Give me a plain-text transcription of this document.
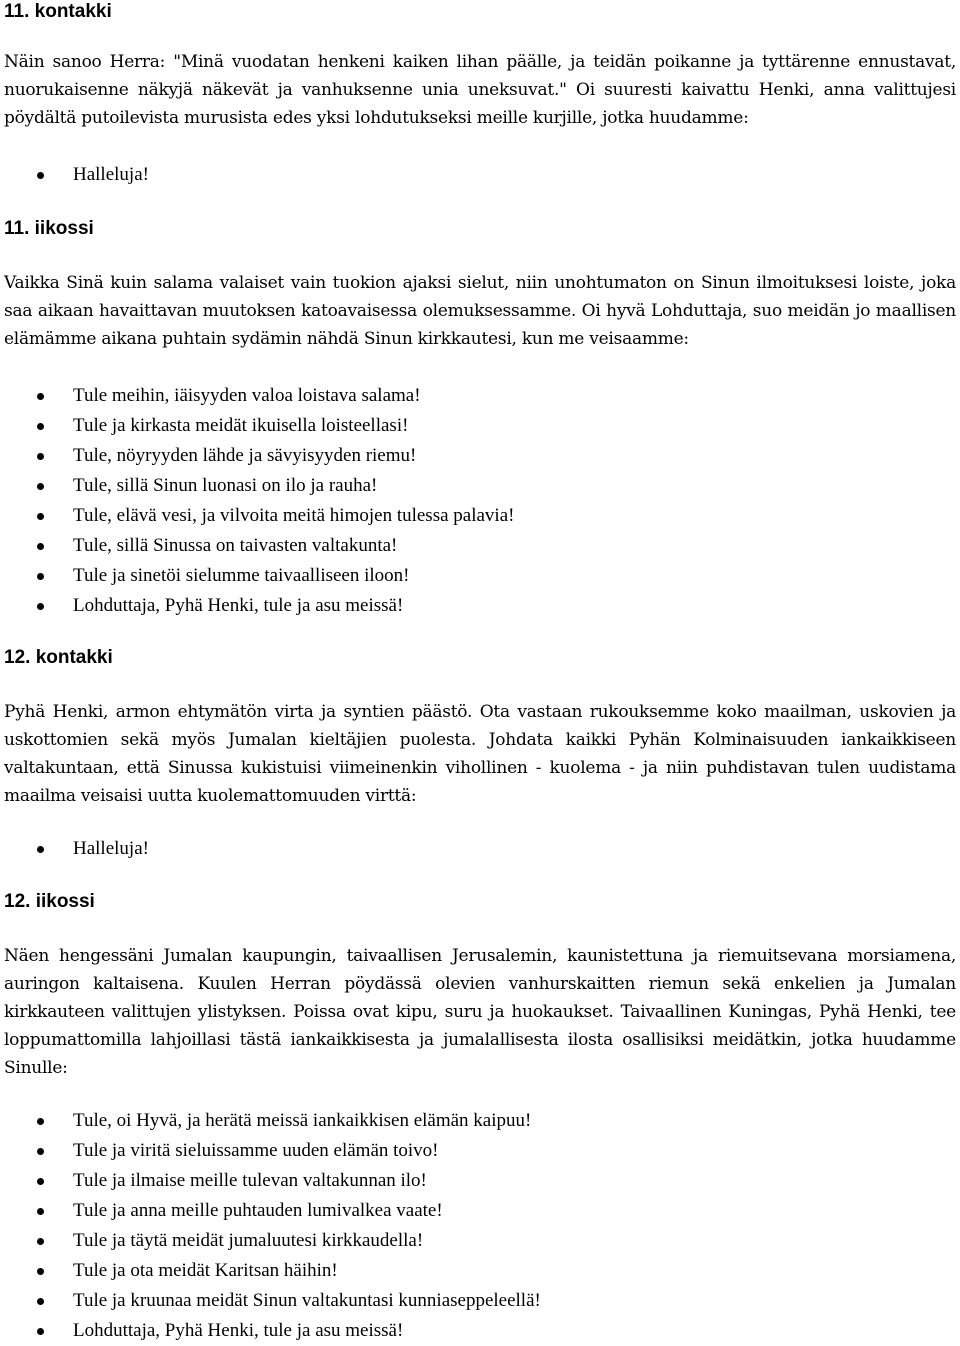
11. kontakki

Näin sanoo Herra: "Minä vuodatan henkeni kaiken lihan päälle, ja teidän poikanne ja tyttärenne ennustavat, nuorukaisenne näkyjä näkevät ja vanhuksenne unia uneksuvat." Oi suuresti kaivattu Henki, anna valittujesi pöydältä putoilevista murusista edes yksi lohdutukseksi meille kurjille, jotka huudamme:

Halleluja!
11. iikossi

Vaikka Sinä kuin salama valaiset vain tuokion ajaksi sielut, niin unohtumaton on Sinun ilmoituksesi loiste, joka saa aikaan havaittavan muutoksen katoavaisessa olemuksessamme. Oi hyvä Lohduttaja, suo meidän jo maallisen elämämme aikana puhtain sydämin nähdä Sinun kirkkautesi, kun me veisaamme:

Tule meihin, iäisyyden valoa loistava salama!
Tule ja kirkasta meidät ikuisella loisteellasi!
Tule, nöyryyden lähde ja sävyisyyden riemu!
Tule, sillä Sinun luonasi on ilo ja rauha!
Tule, elävä vesi, ja vilvoita meitä himojen tulessa palavia!
Tule, sillä Sinussa on taivasten valtakunta!
Tule ja sinetöi sielumme taivaalliseen iloon!
Lohduttaja, Pyhä Henki, tule ja asu meissä!
12. kontakki

Pyhä Henki, armon ehtymätön virta ja syntien päästö. Ota vastaan rukouksemme koko maailman, uskovien ja uskottomien sekä myös Jumalan kieltäjien puolesta. Johdata kaikki Pyhän Kolminaisuuden iankaikkiseen valtakuntaan, että Sinussa kukistuisi viimeinenkin vihollinen - kuolema - ja niin puhdistavan tulen uudistama maailma veisaisi uutta kuolemattomuuden virttä:

Halleluja!
12. iikossi

Näen hengessäni Jumalan kaupungin, taivaallisen Jerusalemin, kaunistettuna ja riemuitsevana morsiamena, auringon kaltaisena. Kuulen Herran pöydässä olevien vanhurskaitten riemun sekä enkelien ja Jumalan kirkkauteen valittujen ylistyksen. Poissa ovat kipu, suru ja huokaukset. Taivaallinen Kuningas, Pyhä Henki, tee loppumattomilla lahjoillasi tästä iankaikkisesta ja jumalallisesta ilosta osallisiksi meidätkin, jotka huudamme Sinulle:

Tule, oi Hyvä, ja herätä meissä iankaikkisen elämän kaipuu!
Tule ja viritä sieluissamme uuden elämän toivo!
Tule ja ilmaise meille tulevan valtakunnan ilo!
Tule ja anna meille puhtauden lumivalkea vaate!
Tule ja täytä meidät jumaluutesi kirkkaudella!
Tule ja ota meidät Karitsan häihin!
Tule ja kruunaa meidät Sinun valtakuntasi kunniaseppeleellä!
Lohduttaja, Pyhä Henki, tule ja asu meissä!
